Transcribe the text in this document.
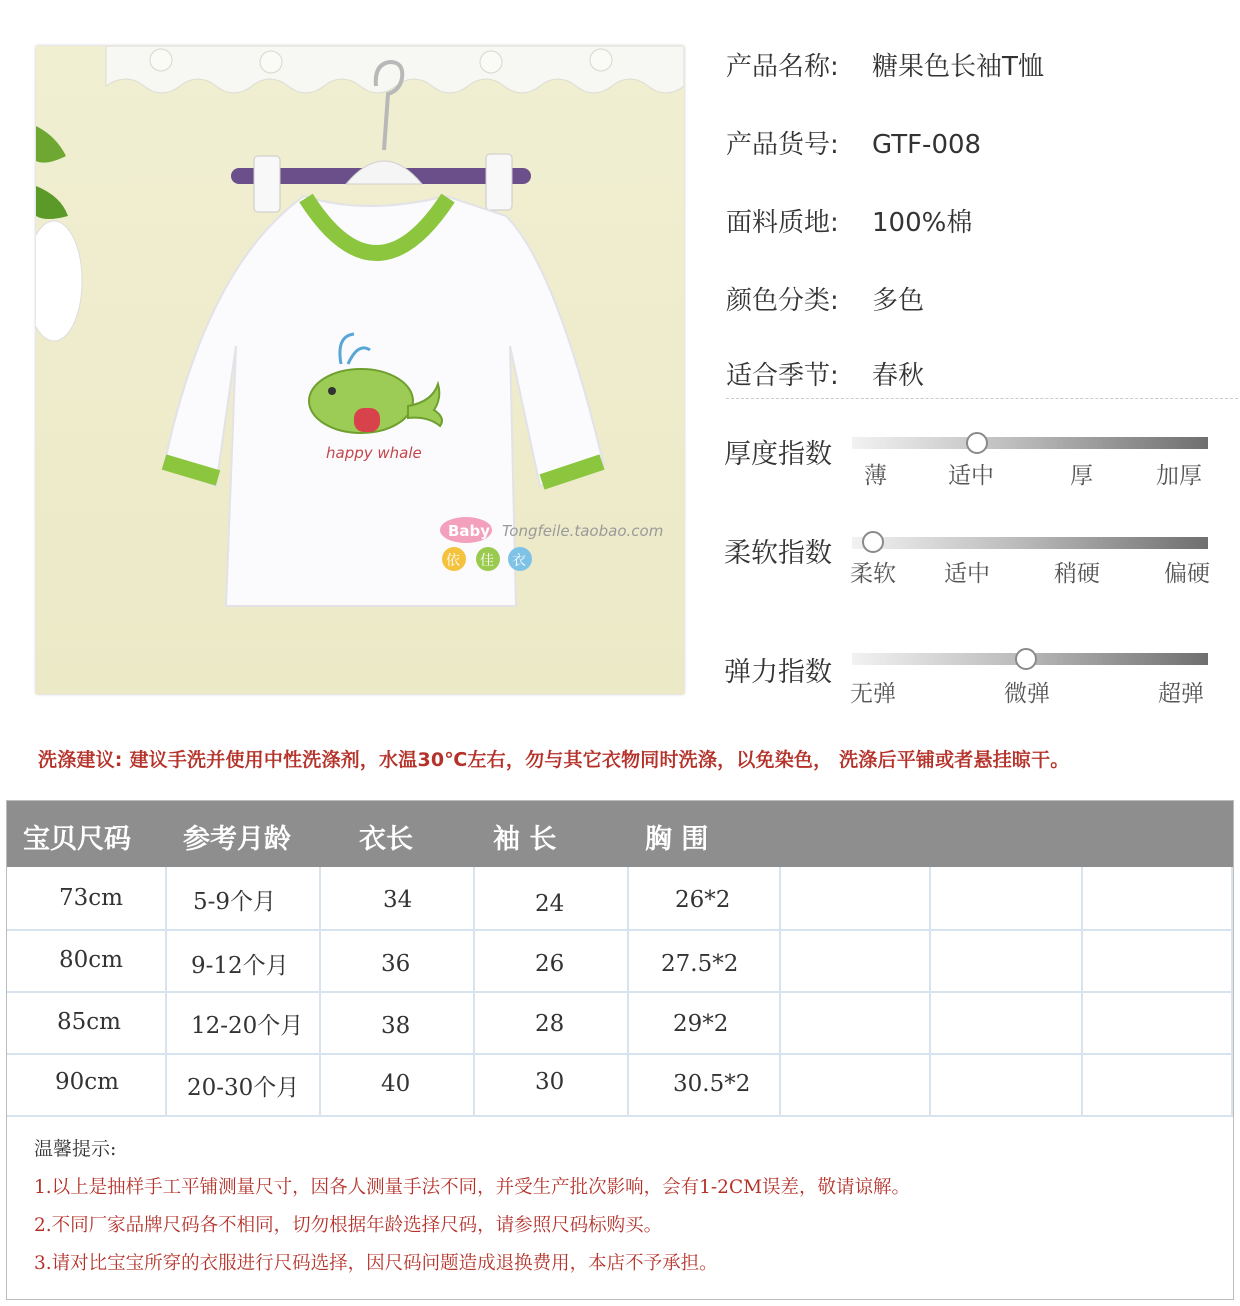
happy whale
Baby Tongfeile.taobao.com
依 佳 衣
产品名称: 糖果色长袖T恤
产品货号: GTF-008
面料质地: 100%棉
颜色分类: 多色
适合季节: 春秋
厚度指数
薄	适中	厚	加厚
柔软指数
柔软 适中	稍硬	偏硬
弹力指数
无弹	微弹	超弹
洗涤建议: 建议手洗并使用中性洗涤剂，水温30℃左右，勿与其它衣物同时洗涤，以免染色， 洗涤后平铺或者悬挂晾干。
宝贝尺码 参考月龄	衣长	袖 长	胸 围
73cm	5-9个月	34	24	26*2
80cm	9-12个月	36	26	27.5*2
85cm	12-20个月	38	28	29*2
90cm	20-30个月	40	30	30.5*2
温馨提示:
1.以上是抽样手工平铺测量尺寸，因各人测量手法不同，并受生产批次影响，会有1-2CM误差，敬请谅解。
2.不同厂家品牌尺码各不相同，切勿根据年龄选择尺码，请参照尺码标购买。
3.请对比宝宝所穿的衣服进行尺码选择，因尺码问题造成退换费用，本店不予承担。
